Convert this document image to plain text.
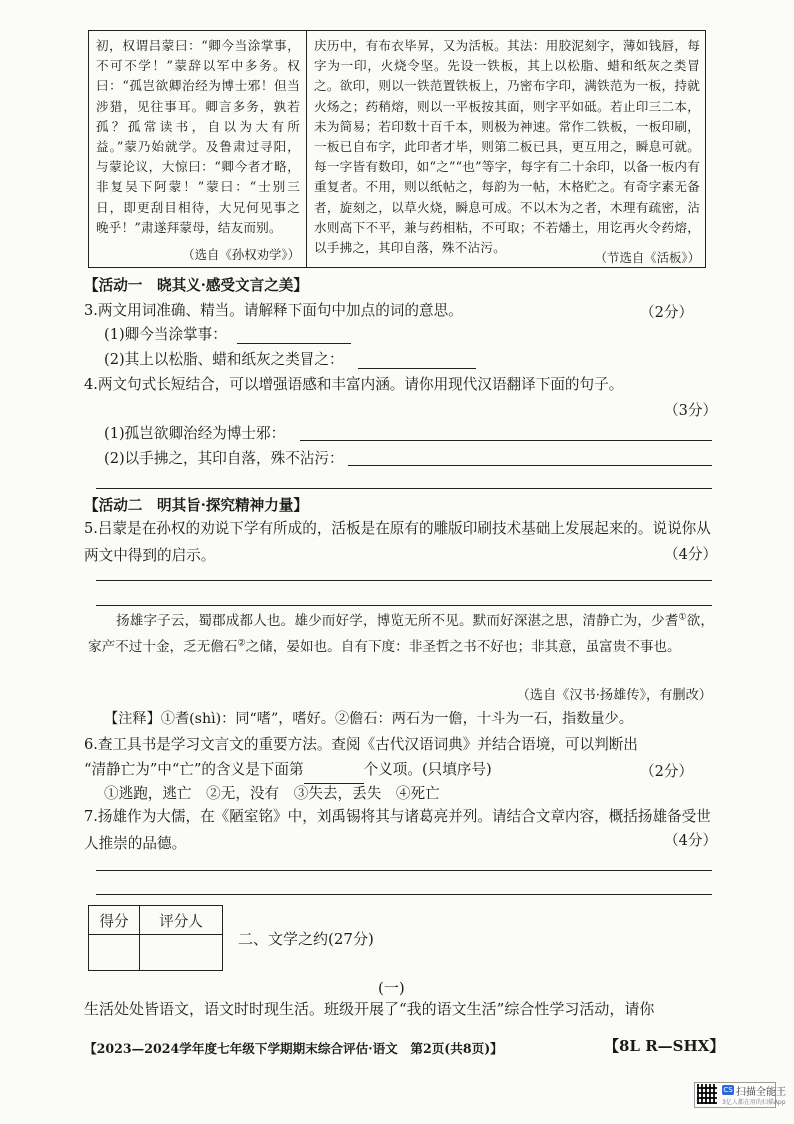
初，权谓吕蒙曰：“卿今当涂掌事，不可不学！”蒙辞以军中多务。权曰：“孤岂欲卿治经为博士邪！但当涉猎，见往事耳。卿言多务，孰若孤？孤常读书，自以为大有所益。”蒙乃始就学。及鲁肃过寻阳，与蒙论议，大惊曰：“卿今者才略，非复吴下阿蒙！”蒙曰：“士别三日，即更刮目相待，大兄何见事之晚乎！”肃遂拜蒙母，结友而别。
（选自《孙权劝学》）
庆历中，有布衣毕昇，又为活板。其法：用胶泥刻字，薄如钱唇，每字为一印，火烧令坚。先设一铁板，其上以松脂、蜡和纸灰之类冒之。欲印，则以一铁范置铁板上，乃密布字印，满铁范为一板，持就火炀之；药稍熔，则以一平板按其面，则字平如砥。若止印三二本，未为简易；若印数十百千本，则极为神速。常作二铁板，一板印刷，一板已自布字，此印者才毕，则第二板已具，更互用之，瞬息可就。每一字皆有数印，如“之”“也”等字，每字有二十余印，以备一板内有重复者。不用，则以纸帖之，每韵为一帖，木格贮之。有奇字素无备者，旋刻之，以草火烧，瞬息可成。不以木为之者，木理有疏密，沾水则高下不平，兼与药相粘，不可取；不若燔土，用讫再火令药熔，以手拂之，其印自落，殊不沾污。
（节选自《活板》）
【活动一　晓其义·感受文言之美】
3.两文用词准确、精当。请解释下面句中加点的词的意思。	（2分）
(1)卿今当涂掌事：
(2)其上以松脂、蜡和纸灰之类冒之：
4.两文句式长短结合，可以增强语感和丰富内涵。请你用现代汉语翻译下面的句子。
（3分）
(1)孤岂欲卿治经为博士邪：
(2)以手拂之，其印自落，殊不沾污：
【活动二　明其旨·探究精神力量】
5.吕蒙是在孙权的劝说下学有所成的，活板是在原有的雕版印刷技术基础上发展起来的。说说你从两文中得到的启示。	（4分）
扬雄字子云，蜀郡成都人也。雄少而好学，博览无所不见。默而好深湛之思，清静亡为，少耆①欲，家产不过十金，乏无儋石②之储，晏如也。自有下度：非圣哲之书不好也；非其意，虽富贵不事也。
（选自《汉书·扬雄传》，有删改）
【注释】①耆(shì)：同“嗜”，嗜好。②儋石：两石为一儋，十斗为一石，指数量少。
6.查工具书是学习文言文的重要方法。查阅《古代汉语词典》并结合语境，可以判断出
“清静亡为”中“亡”的含义是下面第	个义项。(只填序号)	（2分）
①逃跑，逃亡　②无，没有　③失去，丢失　④死亡
7.扬雄作为大儒，在《陋室铭》中，刘禹锡将其与诸葛亮并列。请结合文章内容，概括扬雄备受世人推崇的品德。	（4分）
得分	评分人

二、文学之约(27分)
(一)
生活处处皆语文，语文时时现生活。班级开展了“我的语文生活”综合性学习活动，请你
【2023—2024学年度七年级下学期期末综合评估·语文　第2页(共8页)】	【8L R—SHX】
CS 扫描全能王
3亿人都在用的扫描App
